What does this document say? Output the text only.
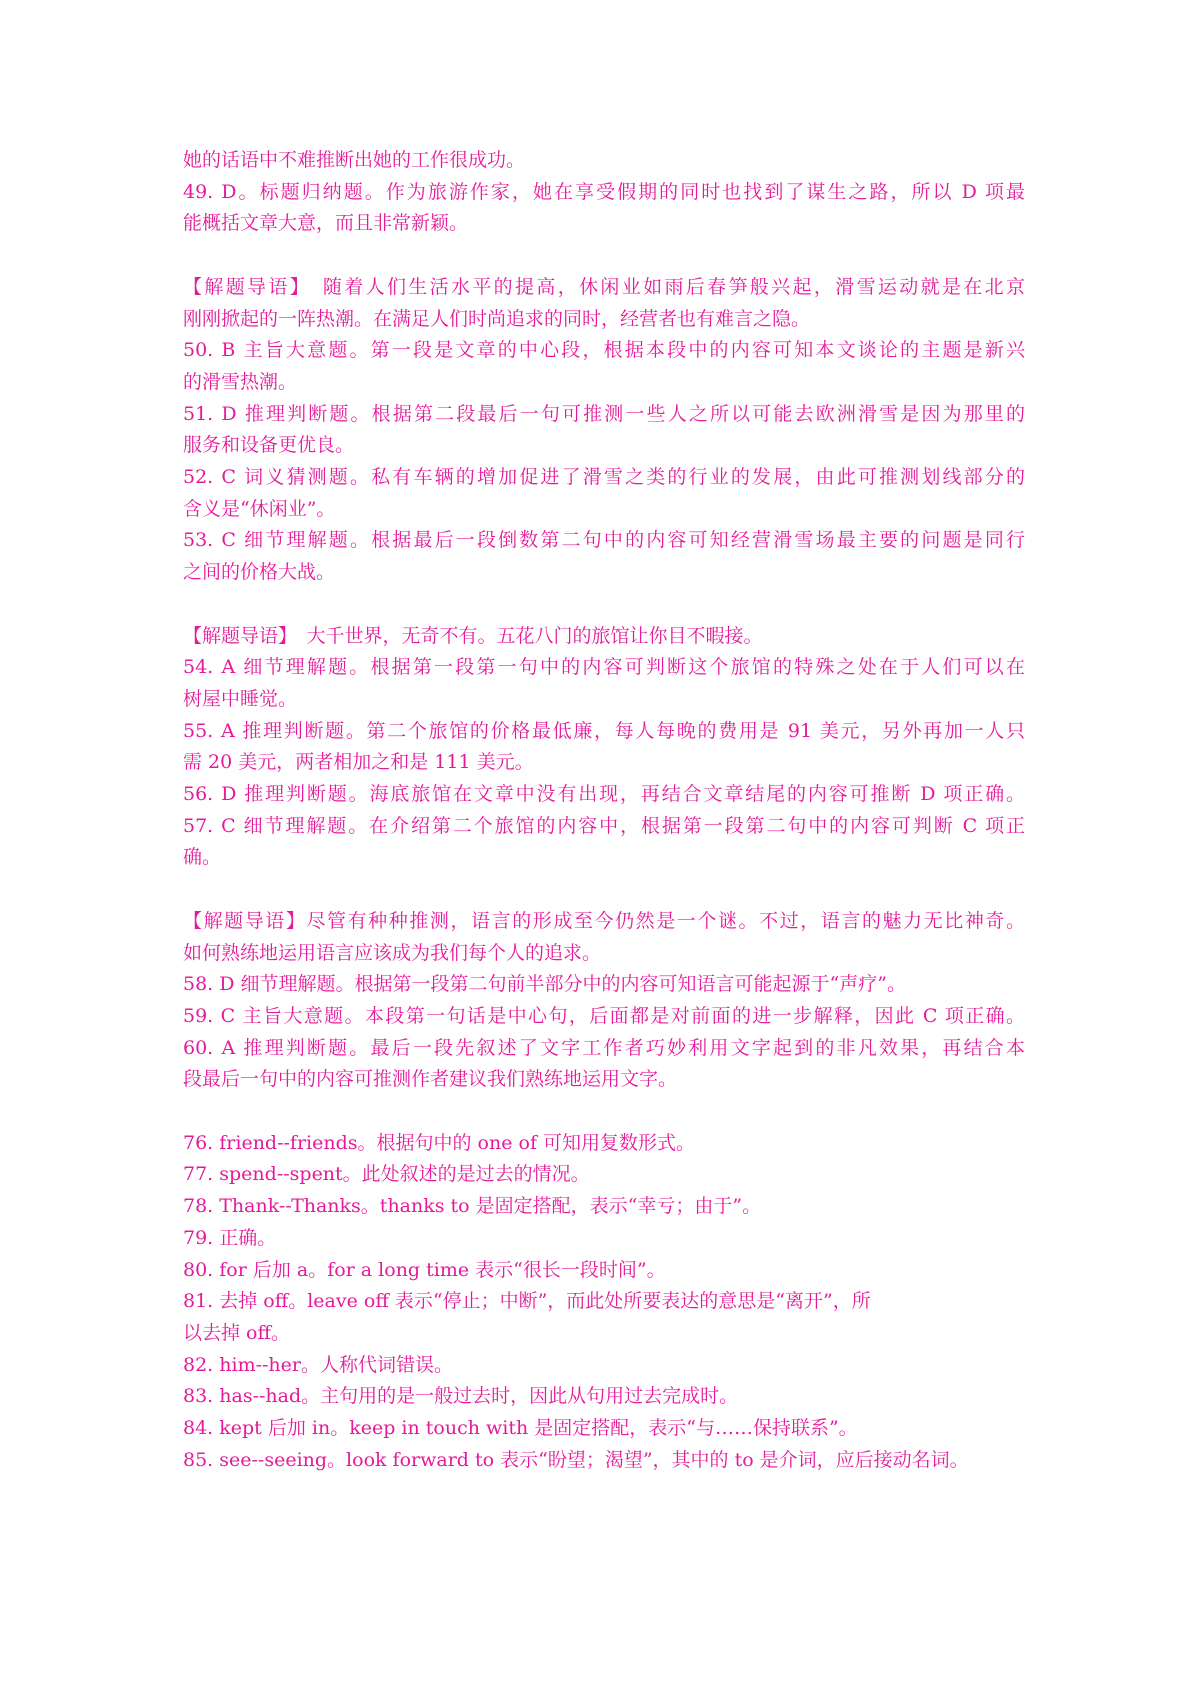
她的话语中不难推断出她的工作很成功。
49. D。标题归纳题。作为旅游作家，她在享受假期的同时也找到了谋生之路，所以 D 项最
能概括文章大意，而且非常新颖。
【解题导语】　随着人们生活水平的提高，休闲业如雨后春笋般兴起，滑雪运动就是在北京
刚刚掀起的一阵热潮。在满足人们时尚追求的同时，经营者也有难言之隐。
50. B 主旨大意题。第一段是文章的中心段，根据本段中的内容可知本文谈论的主题是新兴
的滑雪热潮。
51. D 推理判断题。根据第二段最后一句可推测一些人之所以可能去欧洲滑雪是因为那里的
服务和设备更优良。
52. C 词义猜测题。私有车辆的增加促进了滑雪之类的行业的发展，由此可推测划线部分的
含义是“休闲业”。
53. C 细节理解题。根据最后一段倒数第二句中的内容可知经营滑雪场最主要的问题是同行
之间的价格大战。
【解题导语】　大千世界，无奇不有。五花八门的旅馆让你目不暇接。
54. A 细节理解题。根据第一段第一句中的内容可判断这个旅馆的特殊之处在于人们可以在
树屋中睡觉。
55. A 推理判断题。第二个旅馆的价格最低廉，每人每晚的费用是 91 美元，另外再加一人只
需 20 美元，两者相加之和是 111 美元。
56. D 推理判断题。海底旅馆在文章中没有出现，再结合文章结尾的内容可推断 D 项正确。
57. C 细节理解题。在介绍第二个旅馆的内容中，根据第一段第二句中的内容可判断 C 项正
确。
【解题导语】尽管有种种推测，语言的形成至今仍然是一个谜。不过，语言的魅力无比神奇。
如何熟练地运用语言应该成为我们每个人的追求。
58. D 细节理解题。根据第一段第二句前半部分中的内容可知语言可能起源于“声疗”。
59. C 主旨大意题。本段第一句话是中心句，后面都是对前面的进一步解释，因此 C 项正确。
60. A 推理判断题。最后一段先叙述了文字工作者巧妙利用文字起到的非凡效果，再结合本
段最后一句中的内容可推测作者建议我们熟练地运用文字。
76. friend--friends。根据句中的 one of 可知用复数形式。
77. spend--spent。此处叙述的是过去的情况。
78. Thank--Thanks。thanks to 是固定搭配，表示“幸亏；由于”。
79. 正确。
80. for 后加 a。for a long time 表示“很长一段时间”。
81. 去掉 off。leave off 表示“停止；中断”，而此处所要表达的意思是“离开”，所
以去掉 off。
82. him--her。人称代词错误。
83. has--had。主句用的是一般过去时，因此从句用过去完成时。
84. kept 后加 in。keep in touch with 是固定搭配，表示“与……保持联系”。
85. see--seeing。look forward to 表示“盼望；渴望”，其中的 to 是介词，应后接动名词。
